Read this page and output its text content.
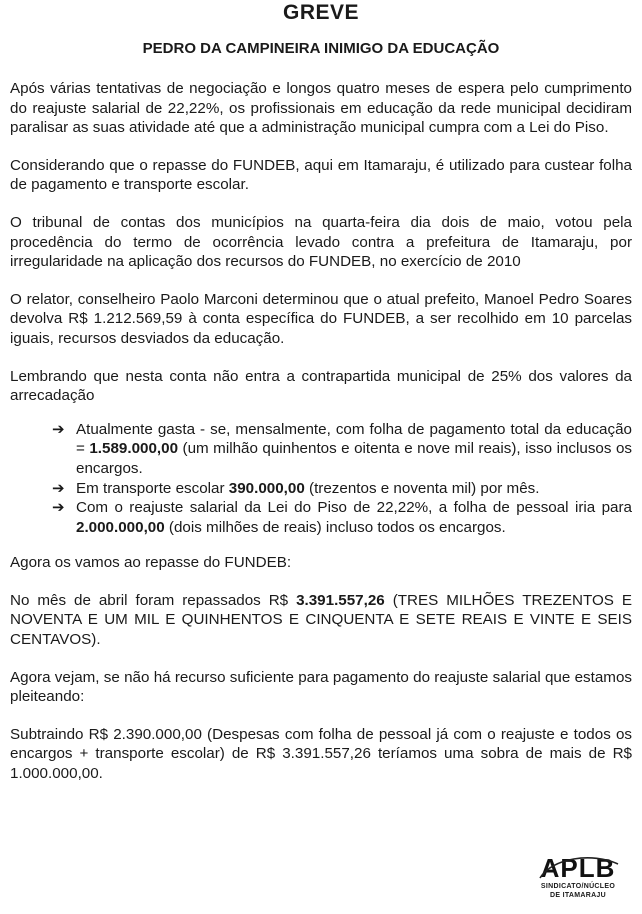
GREVE
PEDRO DA CAMPINEIRA INIMIGO DA EDUCAÇÃO

Após várias tentativas de negociação e longos quatro meses de espera pelo cumprimento do reajuste salarial de 22,22%, os profissionais em educação da rede municipal decidiram paralisar as suas atividade até que a administração municipal cumpra com a Lei do Piso.

Considerando que o repasse do FUNDEB, aqui em Itamaraju, é utilizado para custear folha de pagamento e transporte escolar.

O tribunal de contas dos municípios na quarta-feira dia dois de maio, votou pela procedência do termo de ocorrência levado contra a prefeitura de Itamaraju, por irregularidade na aplicação dos recursos do FUNDEB, no exercício de 2010

O relator, conselheiro Paolo Marconi determinou que o atual prefeito, Manoel Pedro Soares devolva R$ 1.212.569,59 à conta específica do FUNDEB, a ser recolhido em 10 parcelas iguais, recursos desviados da educação.

Lembrando que nesta conta não entra a contrapartida municipal de 25% dos valores da arrecadação

➔ Atualmente gasta - se, mensalmente, com folha de pagamento total da educação = 1.589.000,00 (um milhão quinhentos e oitenta e nove mil reais), isso inclusos os encargos.
➔ Em transporte escolar 390.000,00 (trezentos e noventa mil) por mês.
➔ Com o reajuste salarial da Lei do Piso de 22,22%, a folha de pessoal iria para 2.000.000,00 (dois milhões de reais) incluso todos os encargos.

Agora os vamos ao repasse do FUNDEB:

No mês de abril foram repassados R$ 3.391.557,26 (TRES MILHÕES TREZENTOS E NOVENTA E UM MIL E QUINHENTOS E CINQUENTA E SETE REAIS E VINTE E SEIS CENTAVOS).

Agora vejam, se não há recurso suficiente para pagamento do reajuste salarial que estamos pleiteando:

Subtraindo R$ 2.390.000,00 (Despesas com folha de pessoal já com o reajuste e todos os encargos + transporte escolar) de R$ 3.391.557,26 teríamos uma sobra de mais de R$ 1.000.000,00.

APLB
SINDICATO/NÚCLEO
DE ITAMARAJU
